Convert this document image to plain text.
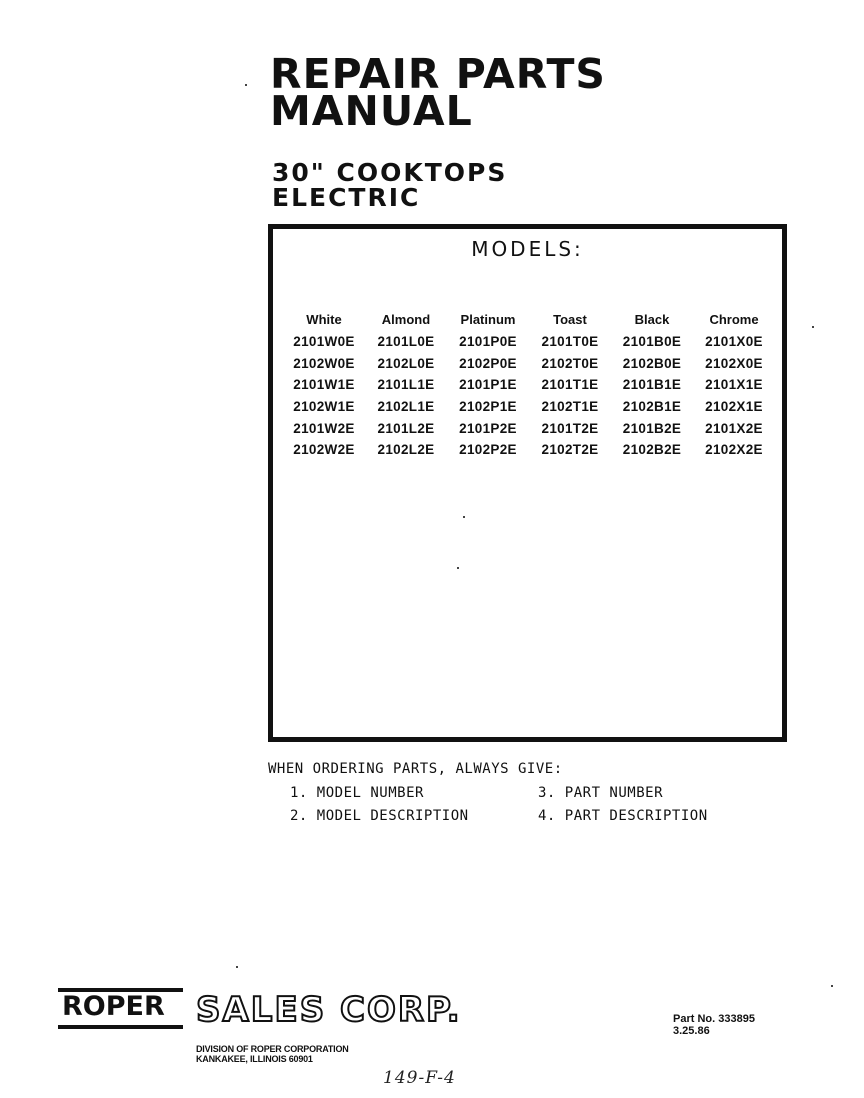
REPAIR PARTS
MANUAL
30" COOKTOPS
ELECTRIC
MODELS:
White	Almond	Platinum	Toast	Black	Chrome
2101W0E	2101L0E	2101P0E	2101T0E	2101B0E	2101X0E
2102W0E	2102L0E	2102P0E	2102T0E	2102B0E	2102X0E
2101W1E	2101L1E	2101P1E	2101T1E	2101B1E	2101X1E
2102W1E	2102L1E	2102P1E	2102T1E	2102B1E	2102X1E
2101W2E	2101L2E	2101P2E	2101T2E	2101B2E	2101X2E
2102W2E	2102L2E	2102P2E	2102T2E	2102B2E	2102X2E
WHEN ORDERING PARTS, ALWAYS GIVE:
1. MODEL NUMBER
2. MODEL DESCRIPTION
3. PART NUMBER
4. PART DESCRIPTION
ROPER SALES CORP.
DIVISION OF ROPER CORPORATION
KANKAKEE, ILLINOIS 60901
Part No. 333895
3.25.86
149-F-4
